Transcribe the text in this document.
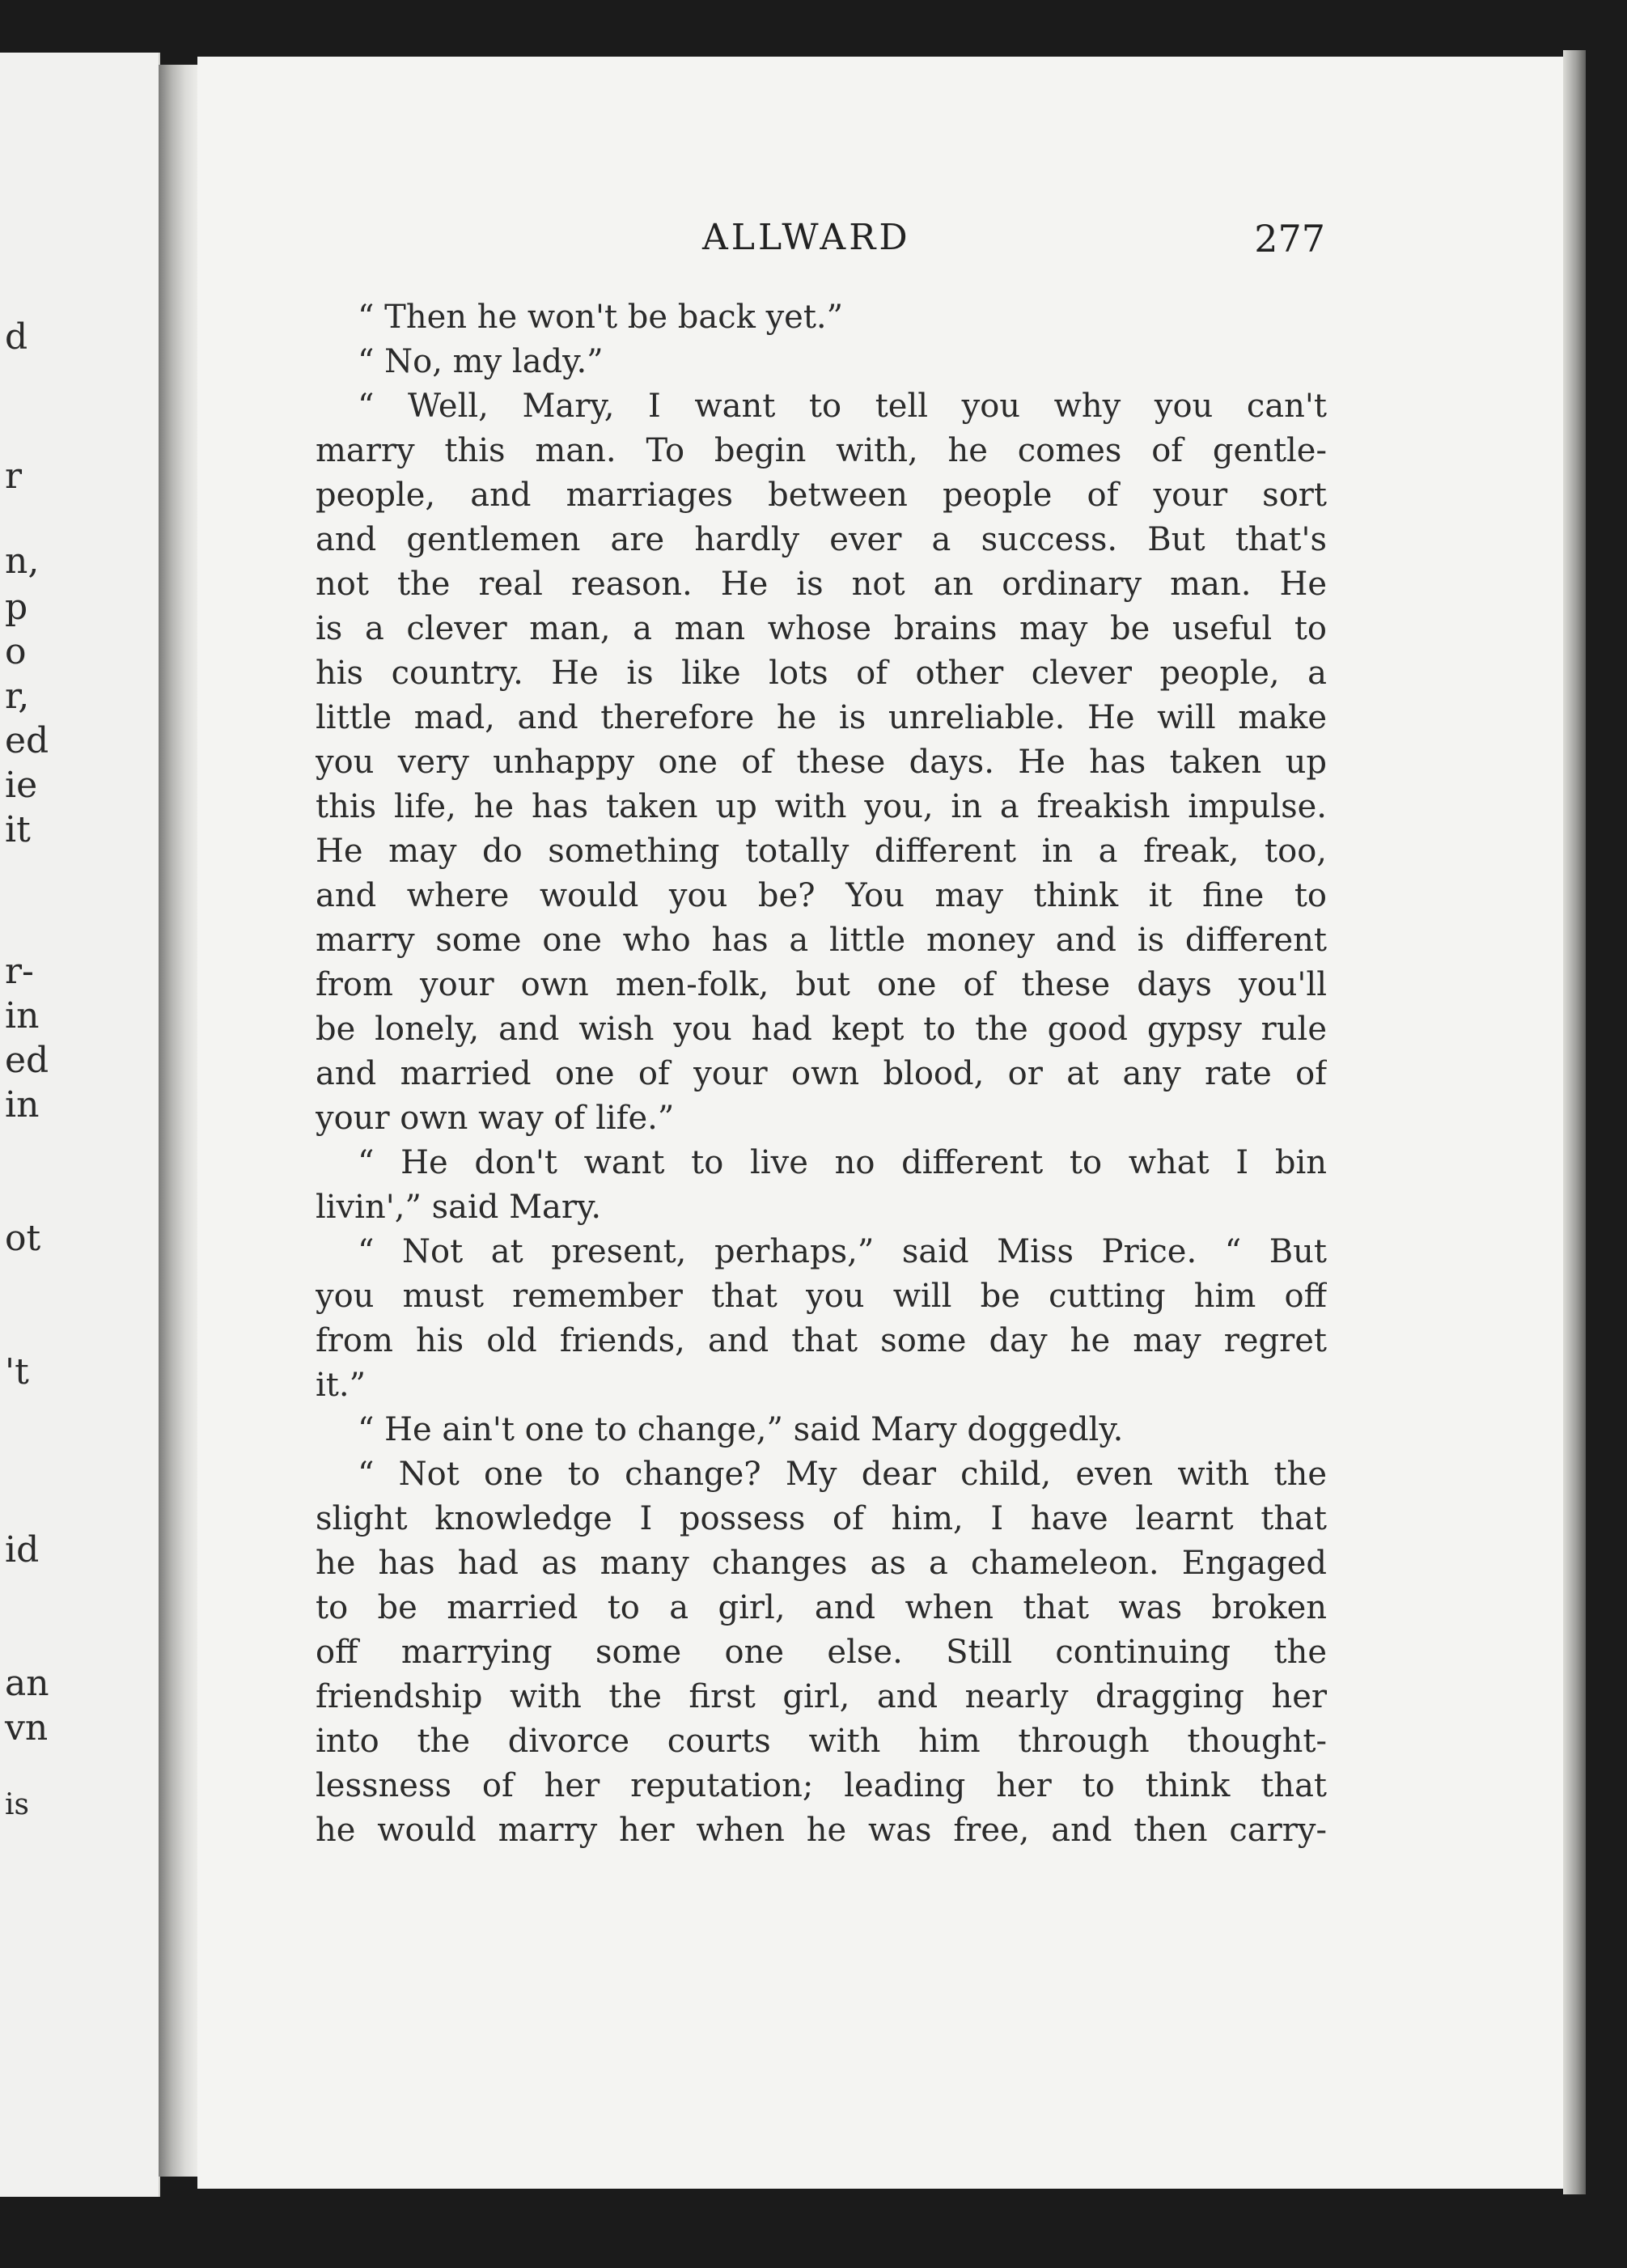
d
r
n,
p
o
r,
ed
ie
it
r-
in
ed
in
ot
't
id
an
vn
is
ALLWARD	277
“ Then he won't be back yet.”
“ No, my lady.”
“ Well, Mary, I want to tell you why you can't
marry this man. To begin with, he comes of gentle-
people, and marriages between people of your sort
and gentlemen are hardly ever a success. But that's
not the real reason. He is not an ordinary man. He
is a clever man, a man whose brains may be useful to
his country. He is like lots of other clever people, a
little mad, and therefore he is unreliable. He will make
you very unhappy one of these days. He has taken up
this life, he has taken up with you, in a freakish impulse.
He may do something totally different in a freak, too,
and where would you be? You may think it fine to
marry some one who has a little money and is different
from your own men-folk, but one of these days you'll
be lonely, and wish you had kept to the good gypsy rule
and married one of your own blood, or at any rate of
your own way of life.”
“ He don't want to live no different to what I bin
livin',” said Mary.
“ Not at present, perhaps,” said Miss Price. “ But
you must remember that you will be cutting him off
from his old friends, and that some day he may regret
it.”
“ He ain't one to change,” said Mary doggedly.
“ Not one to change? My dear child, even with the
slight knowledge I possess of him, I have learnt that
he has had as many changes as a chameleon. Engaged
to be married to a girl, and when that was broken
off marrying some one else. Still continuing the
friendship with the first girl, and nearly dragging her
into the divorce courts with him through thought-
lessness of her reputation; leading her to think that
he would marry her when he was free, and then carry-
